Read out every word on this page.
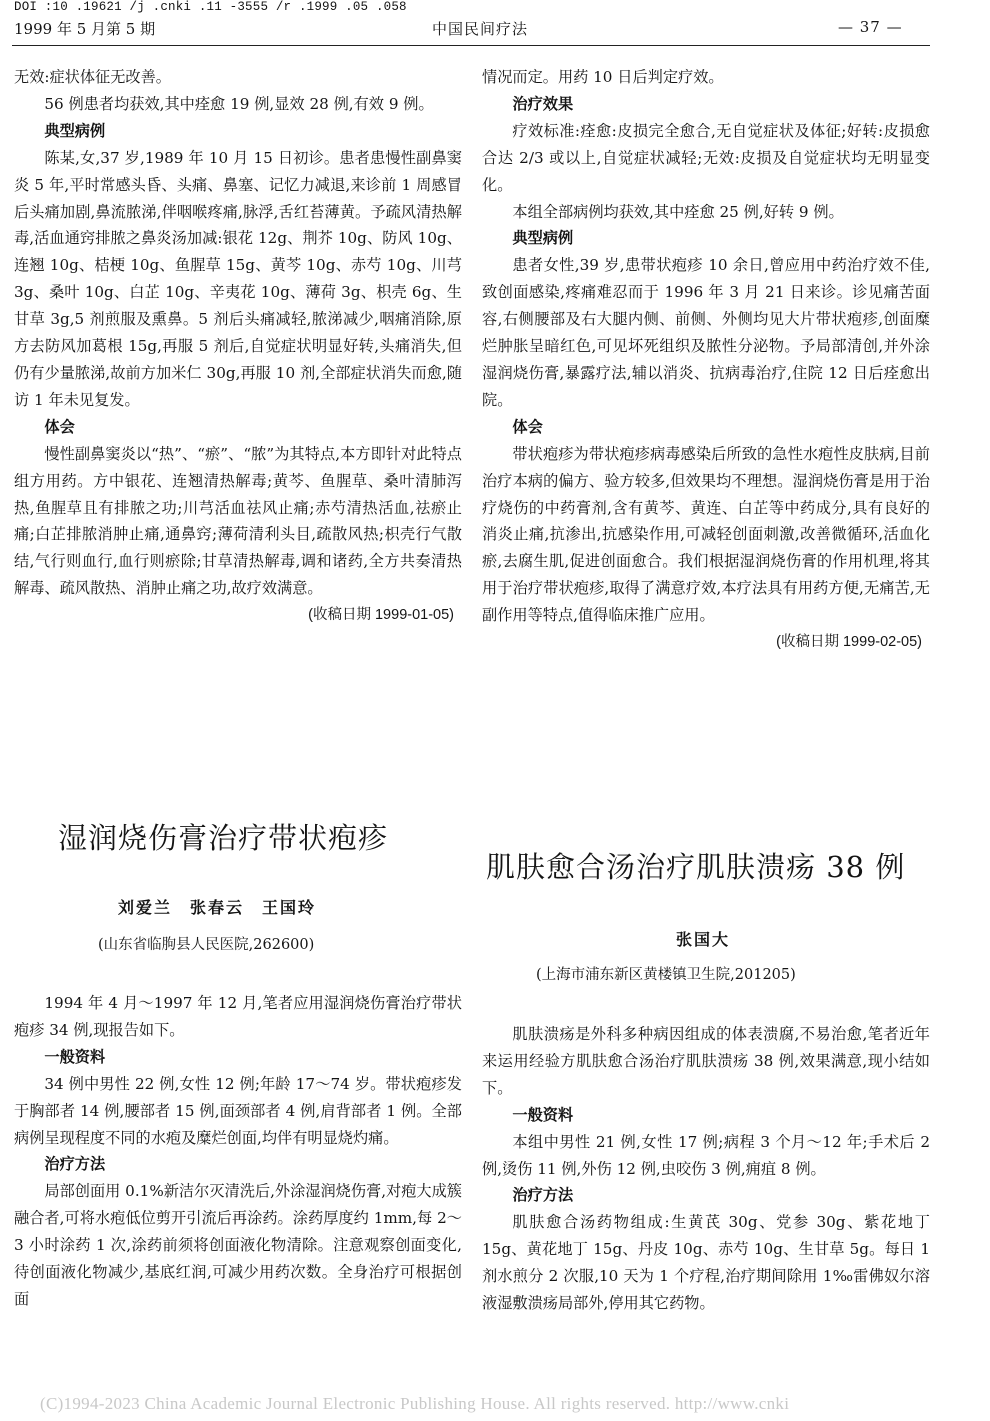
DOI :10 .19621 /j .cnki .11 -3555 /r .1999 .05 .058
1999 年 5 月第 5 期	中国民间疗法	— 37 —
无效:症状体征无改善。
56 例患者均获效,其中痊愈 19 例,显效 28 例,有效 9 例。
典型病例
陈某,女,37 岁,1989 年 10 月 15 日初诊。患者患慢性副鼻窦炎 5 年,平时常感头昏、头痛、鼻塞、记忆力减退,来诊前 1 周感冒后头痛加剧,鼻流脓涕,伴咽喉疼痛,脉浮,舌红苔薄黄。予疏风清热解毒,活血通窍排脓之鼻炎汤加减:银花 12g、荆芥 10g、防风 10g、连翘 10g、桔梗 10g、鱼腥草 15g、黄芩 10g、赤芍 10g、川芎 3g、桑叶 10g、白芷 10g、辛夷花 10g、薄荷 3g、枳壳 6g、生甘草 3g,5 剂煎服及熏鼻。5 剂后头痛减轻,脓涕减少,咽痛消除,原方去防风加葛根 15g,再服 5 剂后,自觉症状明显好转,头痛消失,但仍有少量脓涕,故前方加米仁 30g,再服 10 剂,全部症状消失而愈,随访 1 年未见复发。
体会
慢性副鼻窦炎以“热”、“瘀”、“脓”为其特点,本方即针对此特点组方用药。方中银花、连翘清热解毒;黄芩、鱼腥草、桑叶清肺泻热,鱼腥草且有排脓之功;川芎活血祛风止痛;赤芍清热活血,祛瘀止痛;白芷排脓消肿止痛,通鼻窍;薄荷清利头目,疏散风热;枳壳行气散结,气行则血行,血行则瘀除;甘草清热解毒,调和诸药,全方共奏清热解毒、疏风散热、消肿止痛之功,故疗效满意。
(收稿日期 1999-01-05)
湿润烧伤膏治疗带状疱疹
刘爱兰　张春云　王国玲
(山东省临朐县人民医院,262600)
1994 年 4 月～1997 年 12 月,笔者应用湿润烧伤膏治疗带状疱疹 34 例,现报告如下。
一般资料
34 例中男性 22 例,女性 12 例;年龄 17～74 岁。带状疱疹发于胸部者 14 例,腰部者 15 例,面颈部者 4 例,肩背部者 1 例。全部病例呈现程度不同的水疱及糜烂创面,均伴有明显烧灼痛。
治疗方法
局部创面用 0.1%新洁尔灭清洗后,外涂湿润烧伤膏,对疱大成簇融合者,可将水疱低位剪开引流后再涂药。涂药厚度约 1mm,每 2～3 小时涂药 1 次,涂药前须将创面液化物清除。注意观察创面变化,待创面液化物减少,基底红润,可减少用药次数。全身治疗可根据创面
情况而定。用药 10 日后判定疗效。
治疗效果
疗效标准:痊愈:皮损完全愈合,无自觉症状及体征;好转:皮损愈合达 2/3 或以上,自觉症状减轻;无效:皮损及自觉症状均无明显变化。
本组全部病例均获效,其中痊愈 25 例,好转 9 例。
典型病例
患者女性,39 岁,患带状疱疹 10 余日,曾应用中药治疗效不佳,致创面感染,疼痛难忍而于 1996 年 3 月 21 日来诊。诊见痛苦面容,右侧腰部及右大腿内侧、前侧、外侧均见大片带状疱疹,创面糜烂肿胀呈暗红色,可见坏死组织及脓性分泌物。予局部清创,并外涂湿润烧伤膏,暴露疗法,辅以消炎、抗病毒治疗,住院 12 日后痊愈出院。
体会
带状疱疹为带状疱疹病毒感染后所致的急性水疱性皮肤病,目前治疗本病的偏方、验方较多,但效果均不理想。湿润烧伤膏是用于治疗烧伤的中药膏剂,含有黄芩、黄连、白芷等中药成分,具有良好的消炎止痛,抗渗出,抗感染作用,可减轻创面刺激,改善微循环,活血化瘀,去腐生肌,促进创面愈合。我们根据湿润烧伤膏的作用机理,将其用于治疗带状疱疹,取得了满意疗效,本疗法具有用药方便,无痛苦,无副作用等特点,值得临床推广应用。
(收稿日期 1999-02-05)
肌肤愈合汤治疗肌肤溃疡 38 例
张国大
(上海市浦东新区黄楼镇卫生院,201205)
肌肤溃疡是外科多种病因组成的体表溃腐,不易治愈,笔者近年来运用经验方肌肤愈合汤治疗肌肤溃疡 38 例,效果满意,现小结如下。
一般资料
本组中男性 21 例,女性 17 例;病程 3 个月～12 年;手术后 2 例,烫伤 11 例,外伤 12 例,虫咬伤 3 例,痈疽 8 例。
治疗方法
肌肤愈合汤药物组成:生黄芪 30g、党参 30g、紫花地丁 15g、黄花地丁 15g、丹皮 10g、赤芍 10g、生甘草 5g。每日 1 剂水煎分 2 次服,10 天为 1 个疗程,治疗期间除用 1‰雷佛奴尔溶液湿敷溃疡局部外,停用其它药物。
(C)1994-2023 China Academic Journal Electronic Publishing House. All rights reserved. http://www.cnki
